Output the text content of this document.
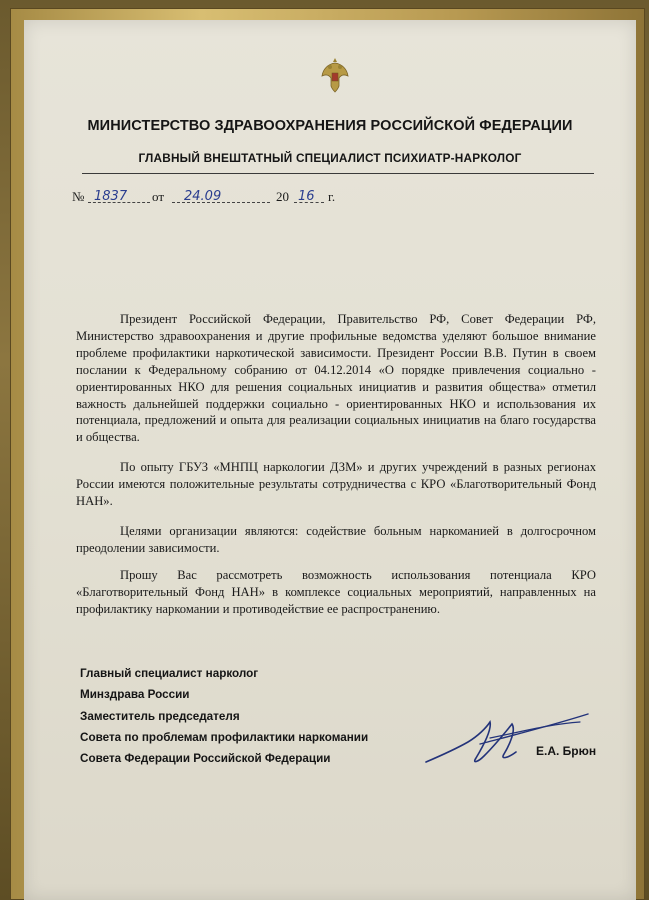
МИНИСТЕРСТВО ЗДРАВООХРАНЕНИЯ РОССИЙСКОЙ ФЕДЕРАЦИИ
ГЛАВНЫЙ ВНЕШТАТНЫЙ СПЕЦИАЛИСТ ПСИХИАТР-НАРКОЛОГ
№ 1837 от 24.09	20 16 г.

Президент Российской Федерации, Правительство РФ, Совет Федерации РФ, Министерство здравоохранения и другие профильные ведомства уделяют большое внимание проблеме профилактики наркотической зависимости. Президент России В.В. Путин в своем послании к Федеральному собранию от 04.12.2014 «О порядке привлечения социально - ориентированных НКО для решения социальных инициатив и развития общества» отметил важность дальнейшей поддержки социально - ориентированных НКО и использования их потенциала, предложений и опыта для реализации социальных инициатив на благо государства и общества.

По опыту ГБУЗ «МНПЦ наркологии ДЗМ» и других учреждений в разных регионах России имеются положительные результаты сотрудничества с КРО «Благотворительный Фонд НАН».

Целями организации являются: содействие больным наркоманией в долгосрочном преодолении зависимости.

Прошу Вас рассмотреть возможность использования потенциала КРО «Благотворительный Фонд НАН» в комплексе социальных мероприятий, направленных на профилактику наркомании и противодействие ее распространению.

Главный специалист нарколог
Минздрава России
Заместитель председателя
Совета по проблемам профилактики наркомании
Совета Федерации Российской Федерации
Е.А. Брюн
